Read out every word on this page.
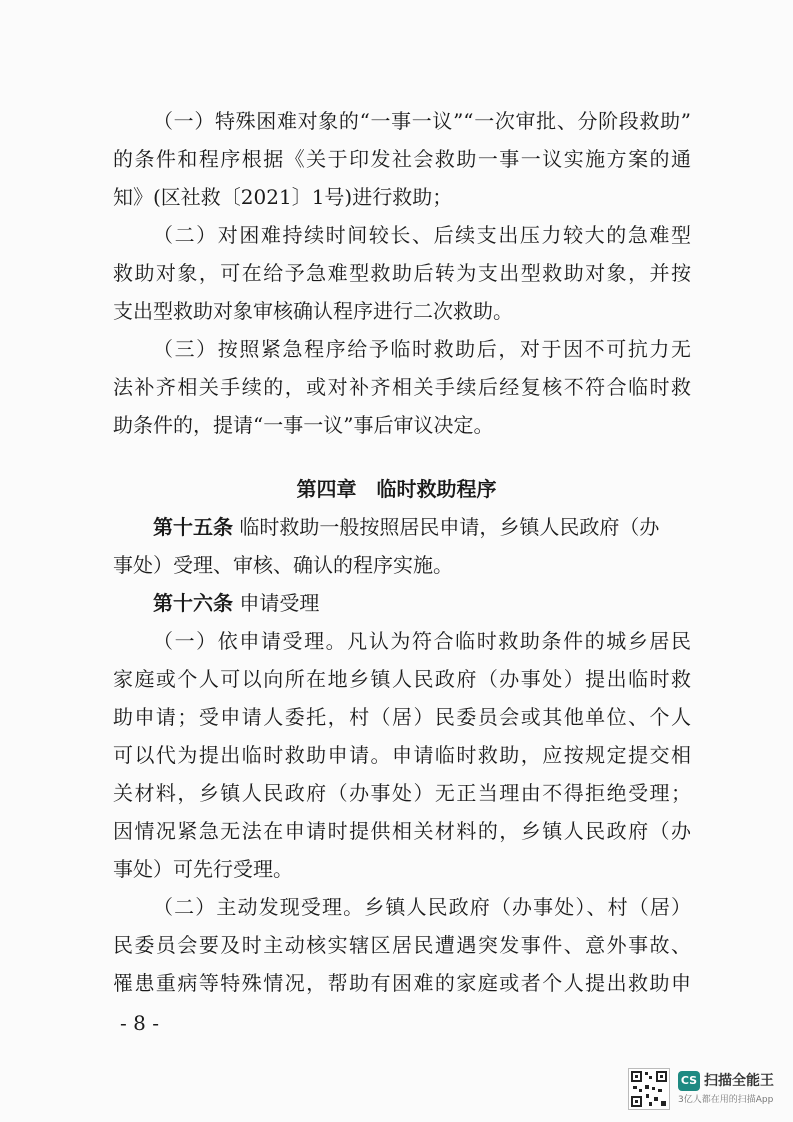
（一）特殊困难对象的“一事一议”“一次审批、分阶段救助”
的条件和程序根据《关于印发社会救助一事一议实施方案的通
知》(区社救〔2021〕1号)进行救助；
（二）对困难持续时间较长、后续支出压力较大的急难型
救助对象，可在给予急难型救助后转为支出型救助对象，并按
支出型救助对象审核确认程序进行二次救助。
（三）按照紧急程序给予临时救助后，对于因不可抗力无
法补齐相关手续的，或对补齐相关手续后经复核不符合临时救
助条件的，提请“一事一议”事后审议决定。
第四章　临时救助程序
第十五条 临时救助一般按照居民申请，乡镇人民政府（办
事处）受理、审核、确认的程序实施。
第十六条 申请受理
（一）依申请受理。凡认为符合临时救助条件的城乡居民
家庭或个人可以向所在地乡镇人民政府（办事处）提出临时救
助申请；受申请人委托，村（居）民委员会或其他单位、个人
可以代为提出临时救助申请。申请临时救助，应按规定提交相
关材料，乡镇人民政府（办事处）无正当理由不得拒绝受理；
因情况紧急无法在申请时提供相关材料的，乡镇人民政府（办
事处）可先行受理。
（二）主动发现受理。乡镇人民政府（办事处）、村（居）
民委员会要及时主动核实辖区居民遭遇突发事件、意外事故、
罹患重病等特殊情况，帮助有困难的家庭或者个人提出救助申
- 8 -
CS 扫描全能王
3亿人都在用的扫描App
